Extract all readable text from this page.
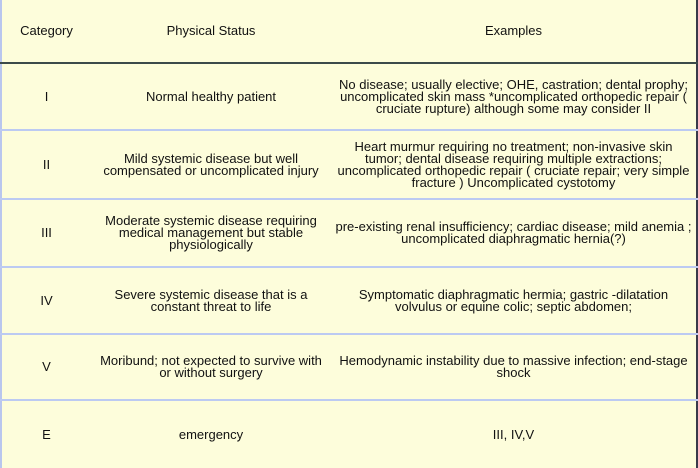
Category	Physical Status	Examples
I	Normal healthy patient	No disease; usually elective; OHE, castration; dental prophy; uncomplicated skin mass *uncomplicated orthopedic repair ( cruciate rupture) although some may consider II
II	Mild systemic disease but well compensated or uncomplicated injury	Heart murmur requiring no treatment; non-invasive skin tumor; dental disease requiring multiple extractions; uncomplicated orthopedic repair ( cruciate repair; very simple fracture ) Uncomplicated cystotomy
III	Moderate systemic disease requiring medical management but stable physiologically	pre-existing renal insufficiency; cardiac disease; mild anemia ; uncomplicated diaphragmatic hernia(?)
IV	Severe systemic disease that is a constant threat to life	Symptomatic diaphragmatic hermia; gastric -dilatation volvulus or equine colic; septic abdomen;
V	Moribund; not expected to survive with or without surgery	Hemodynamic instability due to massive infection; end-stage shock
E	emergency	III, IV,V
